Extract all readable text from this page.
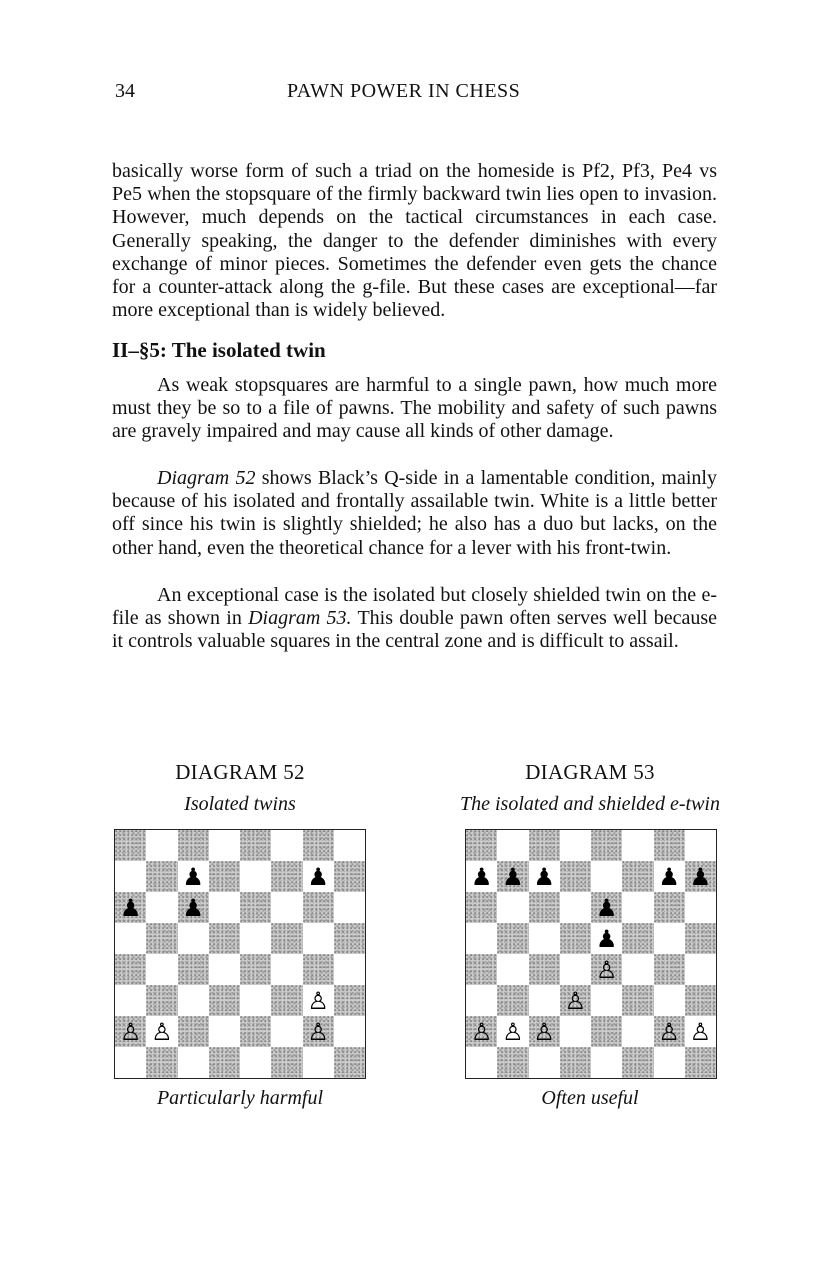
34	PAWN POWER IN CHESS

basically worse form of such a triad on the homeside is Pf2, Pf3, Pe4 vs Pe5 when the stopsquare of the firmly backward twin lies open to invasion. However, much depends on the tactical circumstances in each case. Generally speaking, the danger to the defender diminishes with every exchange of minor pieces. Sometimes the defender even gets the chance for a counter-attack along the g-file. But these cases are exceptional—far more exceptional than is widely believed.

II–§5: The isolated twin

As weak stopsquares are harmful to a single pawn, how much more must they be so to a file of pawns. The mobility and safety of such pawns are gravely impaired and may cause all kinds of other damage.

Diagram 52 shows Black’s Q-side in a lamentable condition, mainly because of his isolated and frontally assailable twin. White is a little better off since his twin is slightly shielded; he also has a duo but lacks, on the other hand, even the theoretical chance for a lever with his front-twin.

An exceptional case is the isolated but closely shielded twin on the e-file as shown in Diagram 53. This double pawn often serves well because it controls valuable squares in the central zone and is difficult to assail.

DIAGRAM 52
Isolated twins
♟	♟
♟ ♟
♙
♙ ♙	♙
Particularly harmful
DIAGRAM 53
The isolated and shielded e-twin
♟ ♟ ♟	♟ ♟
♟
♟
♙
♙
♙ ♙ ♙	♙ ♙
Often useful
